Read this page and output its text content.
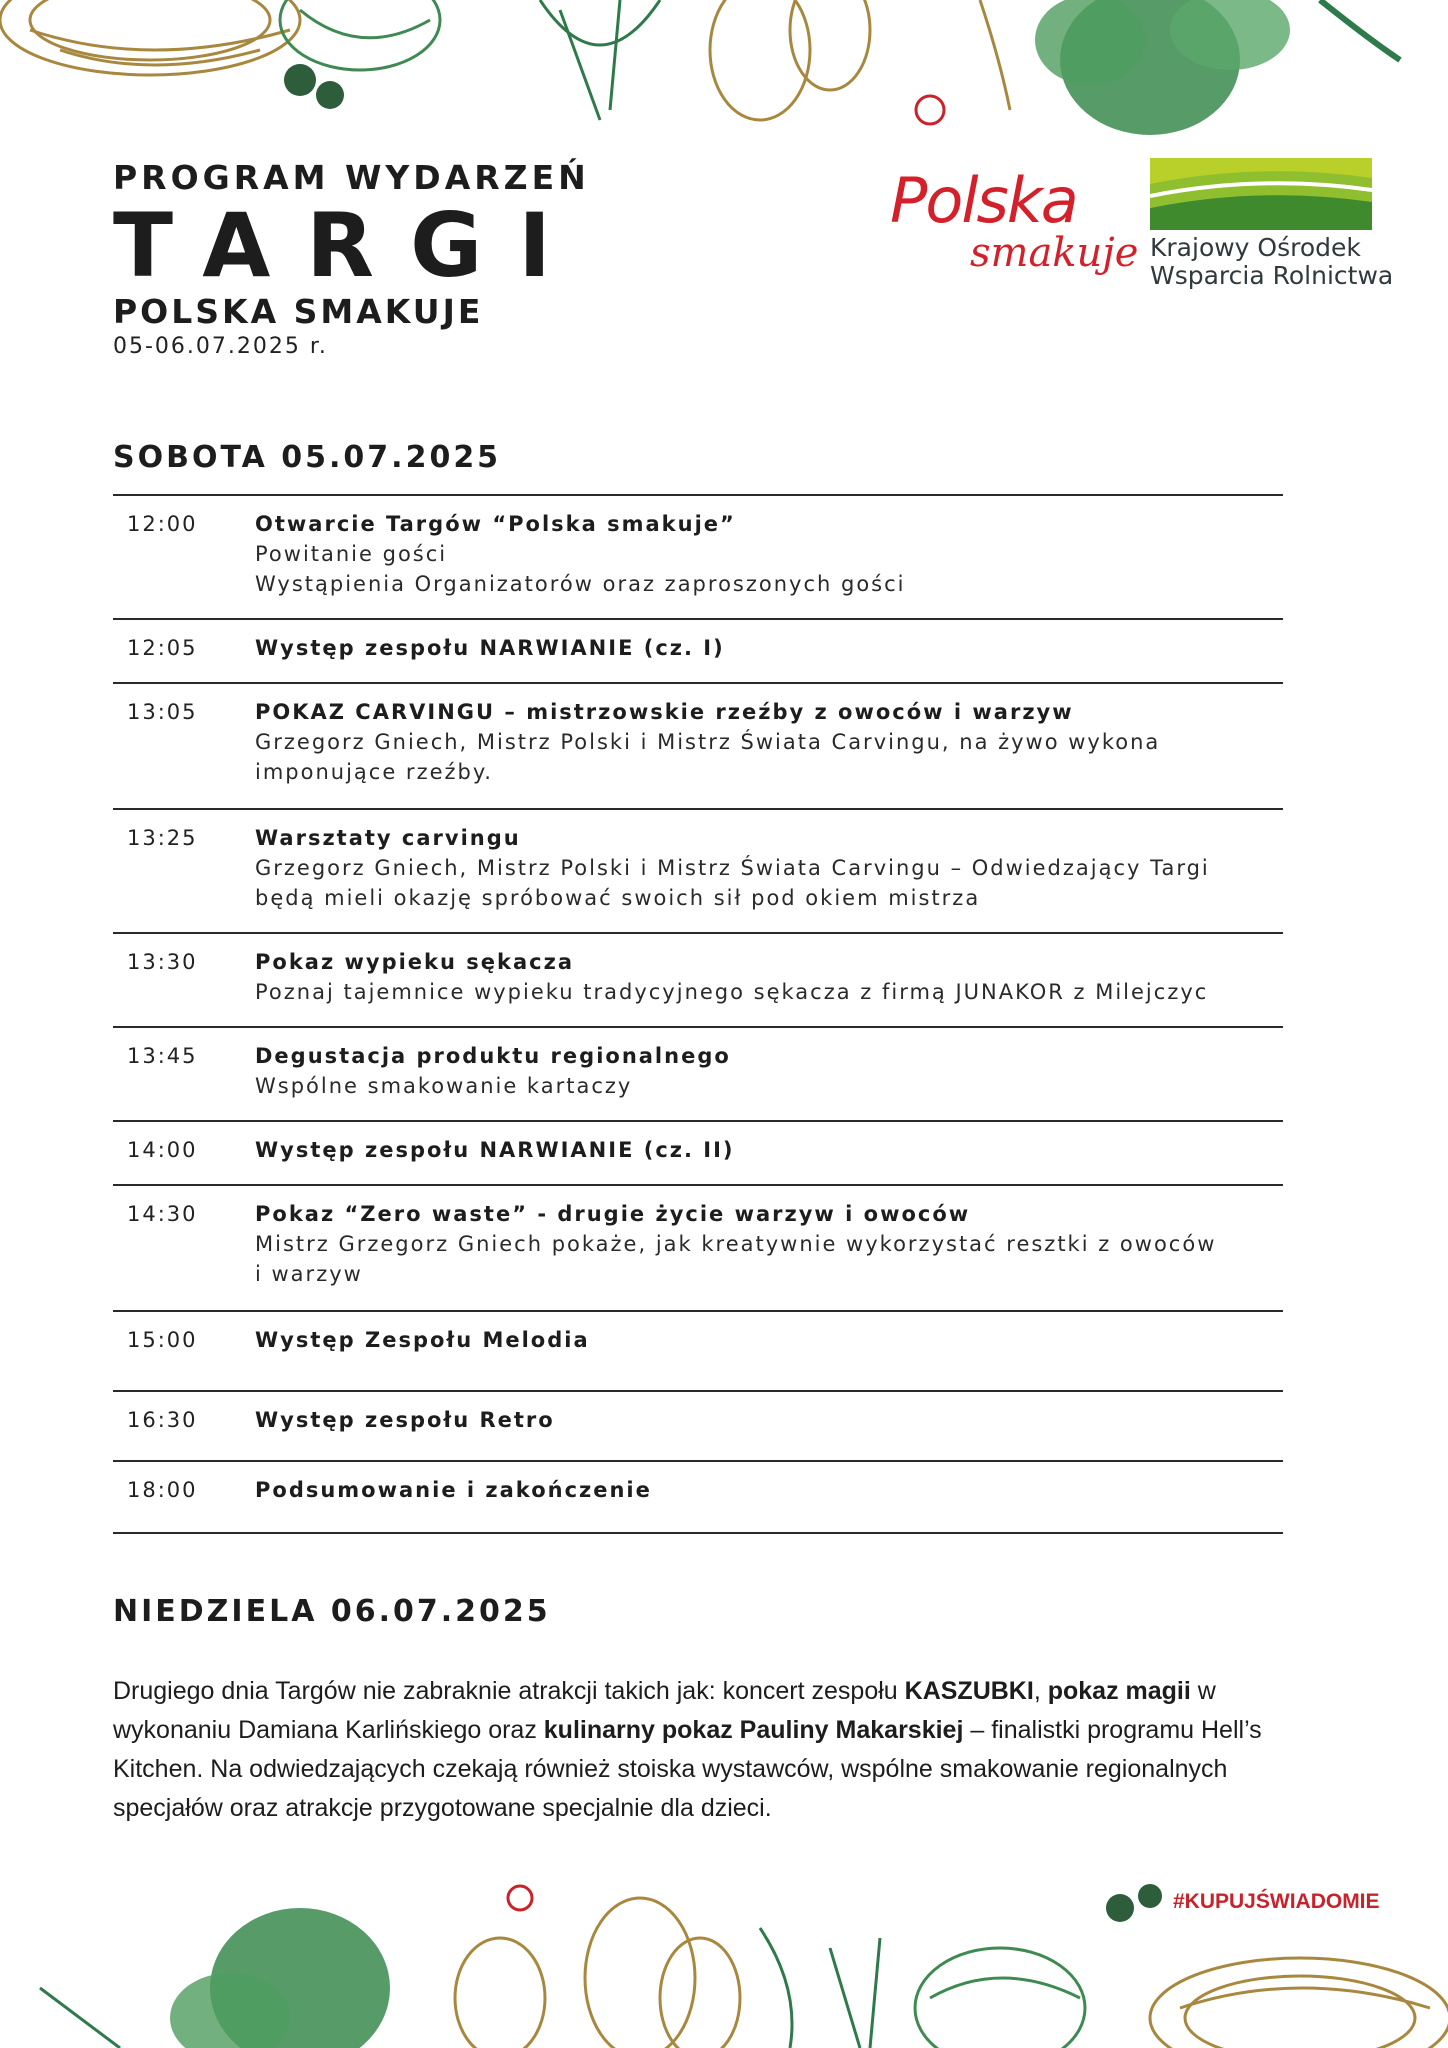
PROGRAM WYDARZEŃ
TARGI
POLSKA SMAKUJE
05-06.07.2025 r.
Polska
smakuje Krajowy Ośrodek
Wsparcia Rolnictwa
SOBOTA 05.07.2025
12:00	Otwarcie Targów “Polska smakuje”
Powitanie gości
Wystąpienia Organizatorów oraz zaproszonych gości
12:05	Występ zespołu NARWIANIE (cz. I)
13:05	POKAZ CARVINGU – mistrzowskie rzeźby z owoców i warzyw
Grzegorz Gniech, Mistrz Polski i Mistrz Świata Carvingu, na żywo wykona
imponujące rzeźby.
13:25	Warsztaty carvingu
Grzegorz Gniech, Mistrz Polski i Mistrz Świata Carvingu – Odwiedzający Targi
będą mieli okazję spróbować swoich sił pod okiem mistrza
13:30	Pokaz wypieku sękacza
Poznaj tajemnice wypieku tradycyjnego sękacza z firmą JUNAKOR z Milejczyc
13:45	Degustacja produktu regionalnego
Wspólne smakowanie kartaczy
14:00	Występ zespołu NARWIANIE (cz. II)
14:30	Pokaz “Zero waste” - drugie życie warzyw i owoców
Mistrz Grzegorz Gniech pokaże, jak kreatywnie wykorzystać resztki z owoców
i warzyw
15:00	Występ Zespołu Melodia
16:30	Występ zespołu Retro
18:00	Podsumowanie i zakończenie
NIEDZIELA 06.07.2025
Drugiego dnia Targów nie zabraknie atrakcji takich jak: koncert zespołu KASZUBKI, pokaz magii w wykonaniu Damiana Karlińskiego oraz kulinarny pokaz Pauliny Makarskiej – finalistki programu Hell’s Kitchen. Na odwiedzających czekają również stoiska wystawców, wspólne smakowanie regionalnych specjałów oraz atrakcje przygotowane specjalnie dla dzieci.
#KUPUJŚWIADOMIE
